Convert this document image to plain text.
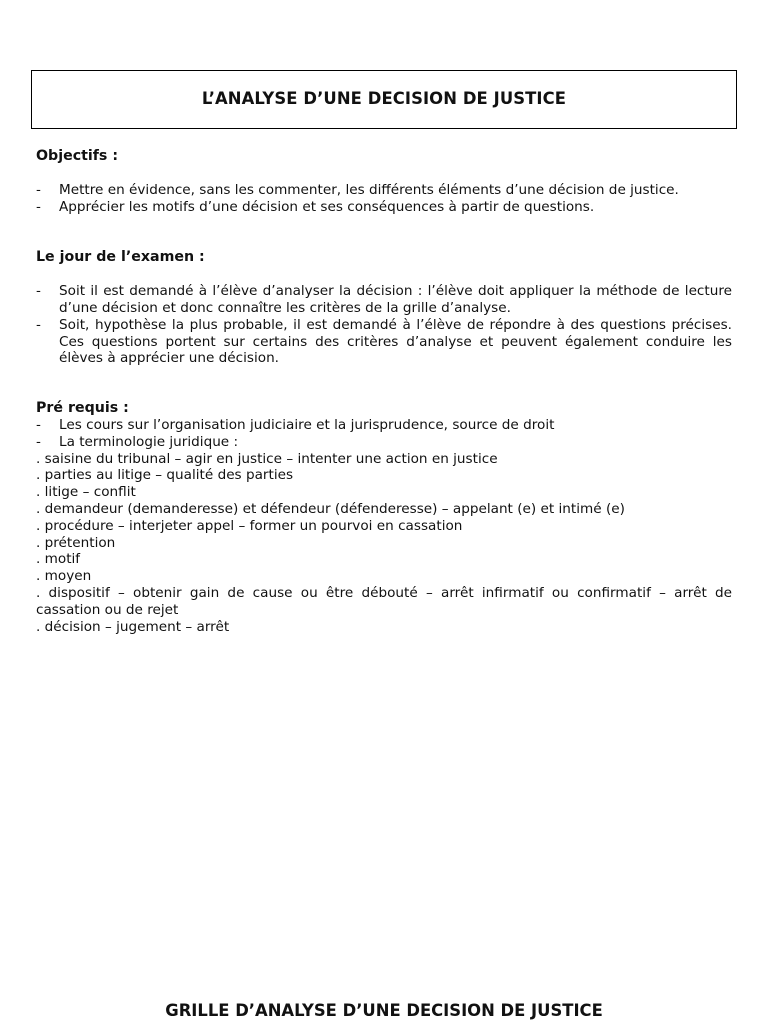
L’ANALYSE D’UNE DECISION DE JUSTICE

Objectifs :

- Mettre en évidence, sans les commenter, les différents éléments d’une décision de justice.
- Apprécier les motifs d’une décision et ses conséquences à partir de questions.

Le jour de l’examen :

- Soit il est demandé à l’élève d’analyser la décision : l’élève doit appliquer la méthode de lecture d’une décision et donc connaître les critères de la grille d’analyse.
- Soit, hypothèse la plus probable, il est demandé à l’élève de répondre à des questions précises. Ces questions portent sur certains des critères d’analyse et peuvent également conduire les élèves à apprécier une décision.

Pré requis :

- Les cours sur l’organisation judiciaire et la jurisprudence, source de droit
- La terminologie juridique :
. saisine du tribunal – agir en justice – intenter une action en justice
. parties au litige – qualité des parties
. litige – conflit
. demandeur (demanderesse) et défendeur (défenderesse) – appelant (e) et intimé (e)
. procédure – interjeter appel – former un pourvoi en cassation
. prétention
. motif
. moyen
. dispositif – obtenir gain de cause ou être débouté – arrêt infirmatif ou confirmatif – arrêt de cassation ou de rejet
. décision – jugement – arrêt

GRILLE D’ANALYSE D’UNE DECISION DE JUSTICE
